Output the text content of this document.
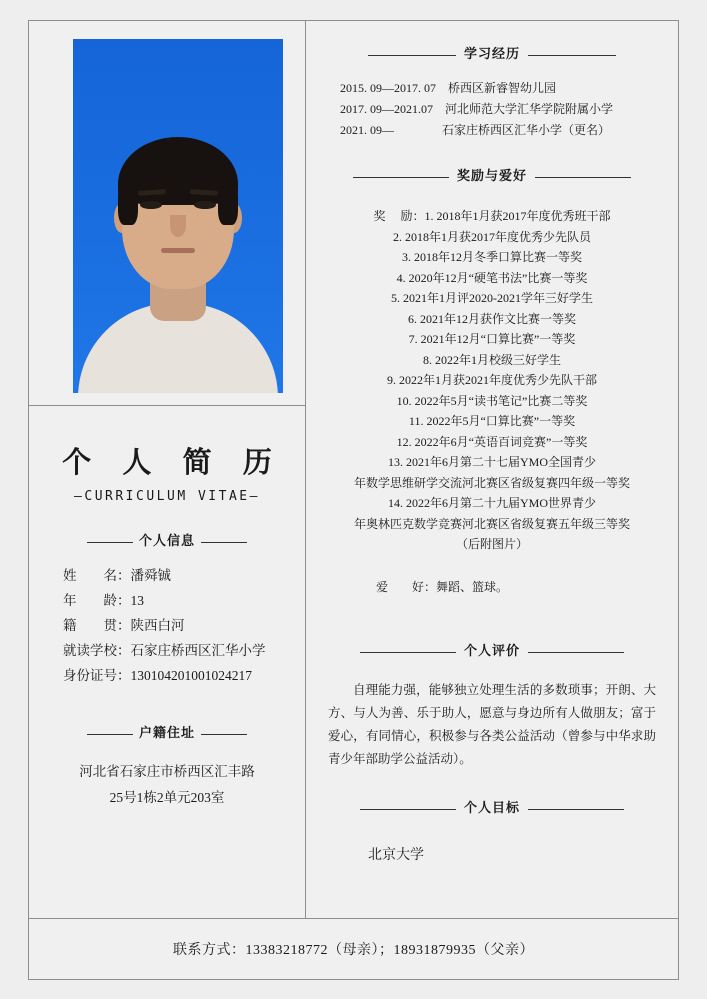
个 人 简 历
—CURRICULUM VITAE—
个人信息
姓        名： 潘舜铖
年        龄： 13
籍        贯： 陕西白河
就读学校： 石家庄桥西区汇华小学
身份证号： 130104201001024217
户籍住址
河北省石家庄市桥西区汇丰路
25号1栋2单元203室
学习经历
2015. 09—2017. 07    桥西区新睿智幼儿园
2017. 09—2021.07    河北师范大学汇华学院附属小学
2021. 09—                石家庄桥西区汇华小学（更名）
奖励与爱好
奖     励：1. 2018年1月获2017年度优秀班干部
2. 2018年1月获2017年度优秀少先队员
3. 2018年12月冬季口算比赛一等奖
4. 2020年12月“硬笔书法”比赛一等奖
5. 2021年1月评2020-2021学年三好学生
6. 2021年12月获作文比赛一等奖
7. 2021年12月“口算比赛”一等奖
8. 2022年1月校级三好学生
9. 2022年1月获2021年度优秀少先队干部
10. 2022年5月“读书笔记”比赛二等奖
11. 2022年5月“口算比赛”一等奖
12. 2022年6月“英语百词竞赛”一等奖
13. 2021年6月第二十七届YMO全国青少
年数学思维研学交流河北赛区省级复赛四年级一等奖
14. 2022年6月第二十九届YMO世界青少
年奥林匹克数学竞赛河北赛区省级复赛五年级三等奖
（后附图片）

爱        好：舞蹈、篮球。

个人评价
自理能力强，能够独立处理生活的多数琐事；开朗、大方、与人为善、乐于助人，愿意与身边所有人做朋友；富于爱心，有同情心，积极参与各类公益活动（曾参与中华求助青少年部助学公益活动）。
个人目标
北京大学
联系方式：13383218772（母亲）；18931879935（父亲）
